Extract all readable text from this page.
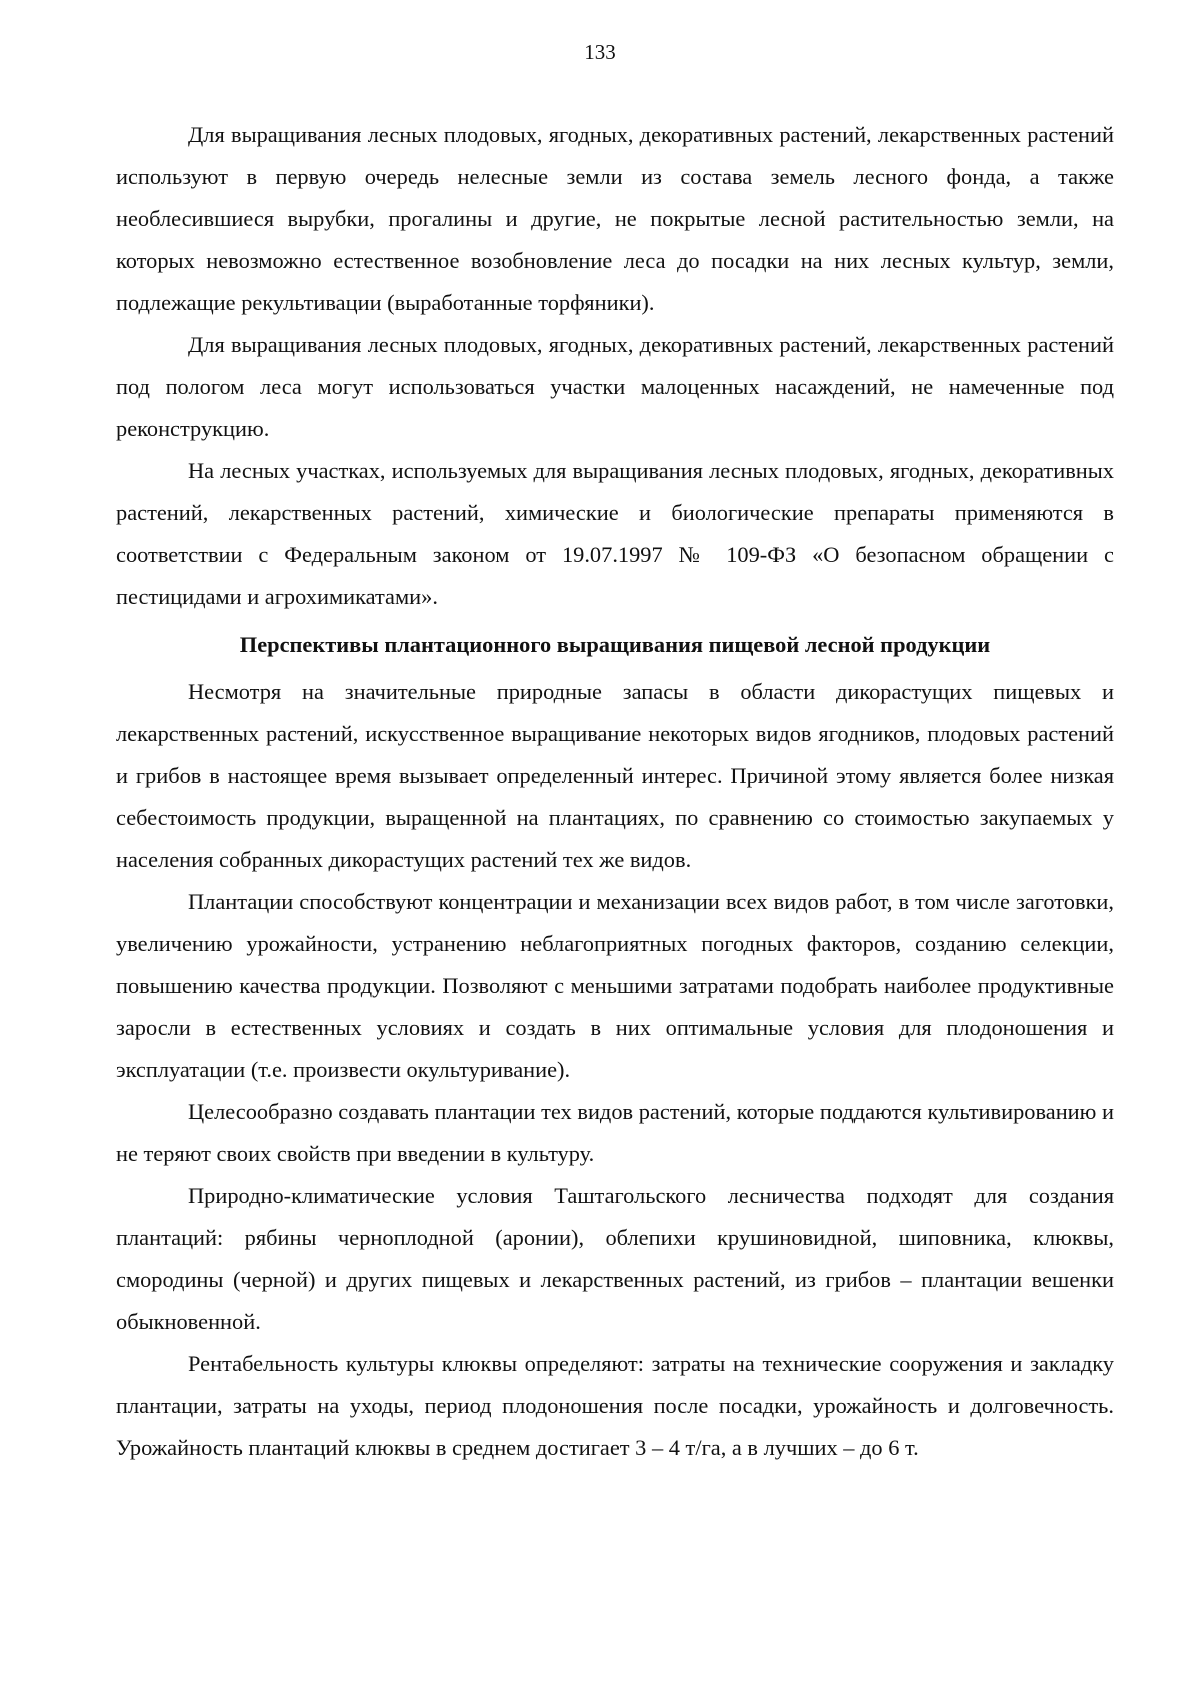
133

Для выращивания лесных плодовых, ягодных, декоративных растений, лекарственных растений используют в первую очередь нелесные земли из состава земель лесного фонда, а также необлесившиеся вырубки, прогалины и другие, не покрытые лесной растительностью земли, на которых невозможно естественное возобновление леса до посадки на них лесных культур, земли, подлежащие рекультивации (выработанные торфяники).

Для выращивания лесных плодовых, ягодных, декоративных растений, лекарственных растений под пологом леса могут использоваться участки малоценных насаждений, не намеченные под реконструкцию.

На лесных участках, используемых для выращивания лесных плодовых, ягодных, декоративных растений, лекарственных растений, химические и биологические препараты применяются в соответствии с Федеральным законом от 19.07.1997 № 109-ФЗ «О безопасном обращении с пестицидами и агрохимикатами».

Перспективы плантационного выращивания пищевой лесной продукции

Несмотря на значительные природные запасы в области дикорастущих пищевых и лекарственных растений, искусственное выращивание некоторых видов ягодников, плодовых растений и грибов в настоящее время вызывает определенный интерес. Причиной этому является более низкая себестоимость продукции, выращенной на плантациях, по сравнению со стоимостью закупаемых у населения собранных дикорастущих растений тех же видов.

Плантации способствуют концентрации и механизации всех видов работ, в том числе заготовки, увеличению урожайности, устранению неблагоприятных погодных факторов, созданию селекции, повышению качества продукции. Позволяют с меньшими затратами подобрать наиболее продуктивные заросли в естественных условиях и создать в них оптимальные условия для плодоношения и эксплуатации (т.е. произвести окультуривание).

Целесообразно создавать плантации тех видов растений, которые поддаются культивированию и не теряют своих свойств при введении в культуру.

Природно-климатические условия Таштагольского лесничества подходят для создания плантаций: рябины черноплодной (аронии), облепихи крушиновидной, шиповника, клюквы, смородины (черной) и других пищевых и лекарственных растений, из грибов – плантации вешенки обыкновенной.

Рентабельность культуры клюквы определяют: затраты на технические сооружения и закладку плантации, затраты на уходы, период плодоношения после посадки, урожайность и долговечность. Урожайность плантаций клюквы в среднем достигает 3 – 4 т/га, а в лучших – до 6 т.
